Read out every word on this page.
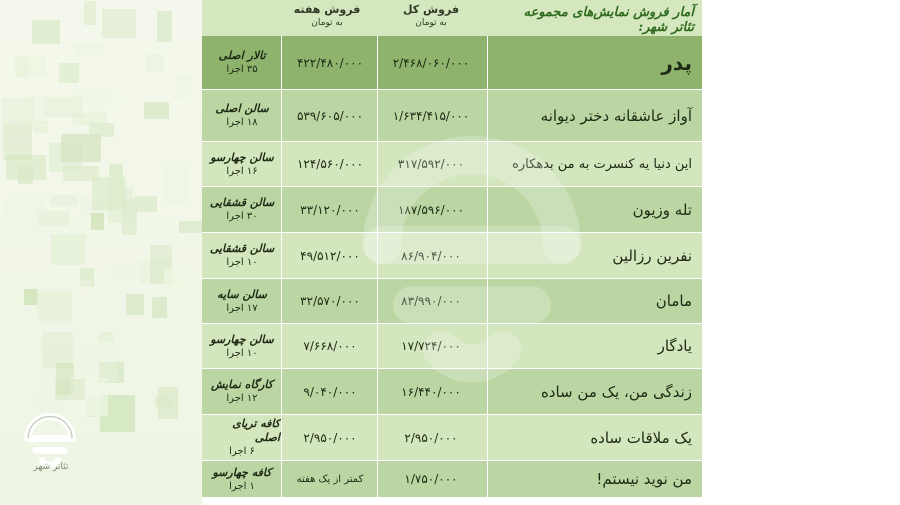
آمار فروش نمایش‌های مجموعه تئاتر شهر:
فروش کل
به تومان
فروش هفته
به تومان
پدر
۲/۴۶۸/۰۶۰/۰۰۰
۴۲۲/۴۸۰/۰۰۰
تالار اصلی
۳۵ اجرا
آواز عاشقانه دختر دیوانه
۱/۶۳۴/۴۱۵/۰۰۰
۵۳۹/۶۰۵/۰۰۰
سالن اصلی
۱۸ اجرا
این دنیا یه کنسرت به من بدهکاره
۳۱۷/۵۹۲/۰۰۰
۱۲۴/۵۶۰/۰۰۰
سالن چهارسو
۱۶ اجرا
تله وزیون
۱۸۷/۵۹۶/۰۰۰
۳۳/۱۲۰/۰۰۰
سالن قشقایی
۳۰ اجرا
نفرین رزالین
۸۶/۹۰۴/۰۰۰
۴۹/۵۱۲/۰۰۰
سالن قشقایی
۱۰ اجرا
مامان
۸۳/۹۹۰/۰۰۰
۳۲/۵۷۰/۰۰۰
سالن سایه
۱۷ اجرا
یادگار
۱۷/۷۲۴/۰۰۰
۷/۶۶۸/۰۰۰
سالن چهارسو
۱۰ اجرا
زندگی من، یک من ساده
۱۶/۴۴۰/۰۰۰
۹/۰۴۰/۰۰۰
کارگاه نمایش
۱۲ اجرا
یک ملاقات ساده
۲/۹۵۰/۰۰۰
۲/۹۵۰/۰۰۰
کافه تریای اصلی
۶ اجرا
من نوید نیستم!
۱/۷۵۰/۰۰۰
کمتر از یک هفته
کافه چهارسو
۱ اجرا
تئاتر شهر
